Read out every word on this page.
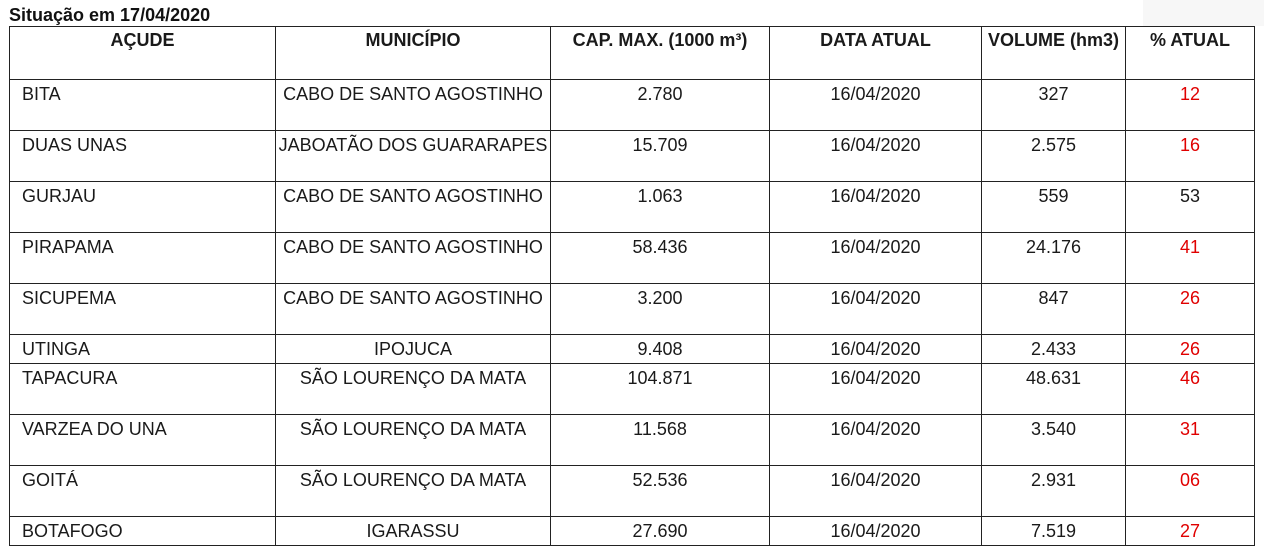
Situação em 17/04/2020
AÇUDE	MUNICÍPIO	CAP. MAX. (1000 m³)	DATA ATUAL	VOLUME (hm3)	% ATUAL
BITA	CABO DE SANTO AGOSTINHO	2.780	16/04/2020	327	12
DUAS UNAS	JABOATÃO DOS GUARARAPES	15.709	16/04/2020	2.575	16
GURJAU	CABO DE SANTO AGOSTINHO	1.063	16/04/2020	559	53
PIRAPAMA	CABO DE SANTO AGOSTINHO	58.436	16/04/2020	24.176	41
SICUPEMA	CABO DE SANTO AGOSTINHO	3.200	16/04/2020	847	26
UTINGA	IPOJUCA	9.408	16/04/2020	2.433	26
TAPACURA	SÃO LOURENÇO DA MATA	104.871	16/04/2020	48.631	46
VARZEA DO UNA	SÃO LOURENÇO DA MATA	11.568	16/04/2020	3.540	31
GOITÁ	SÃO LOURENÇO DA MATA	52.536	16/04/2020	2.931	06
BOTAFOGO	IGARASSU	27.690	16/04/2020	7.519	27
